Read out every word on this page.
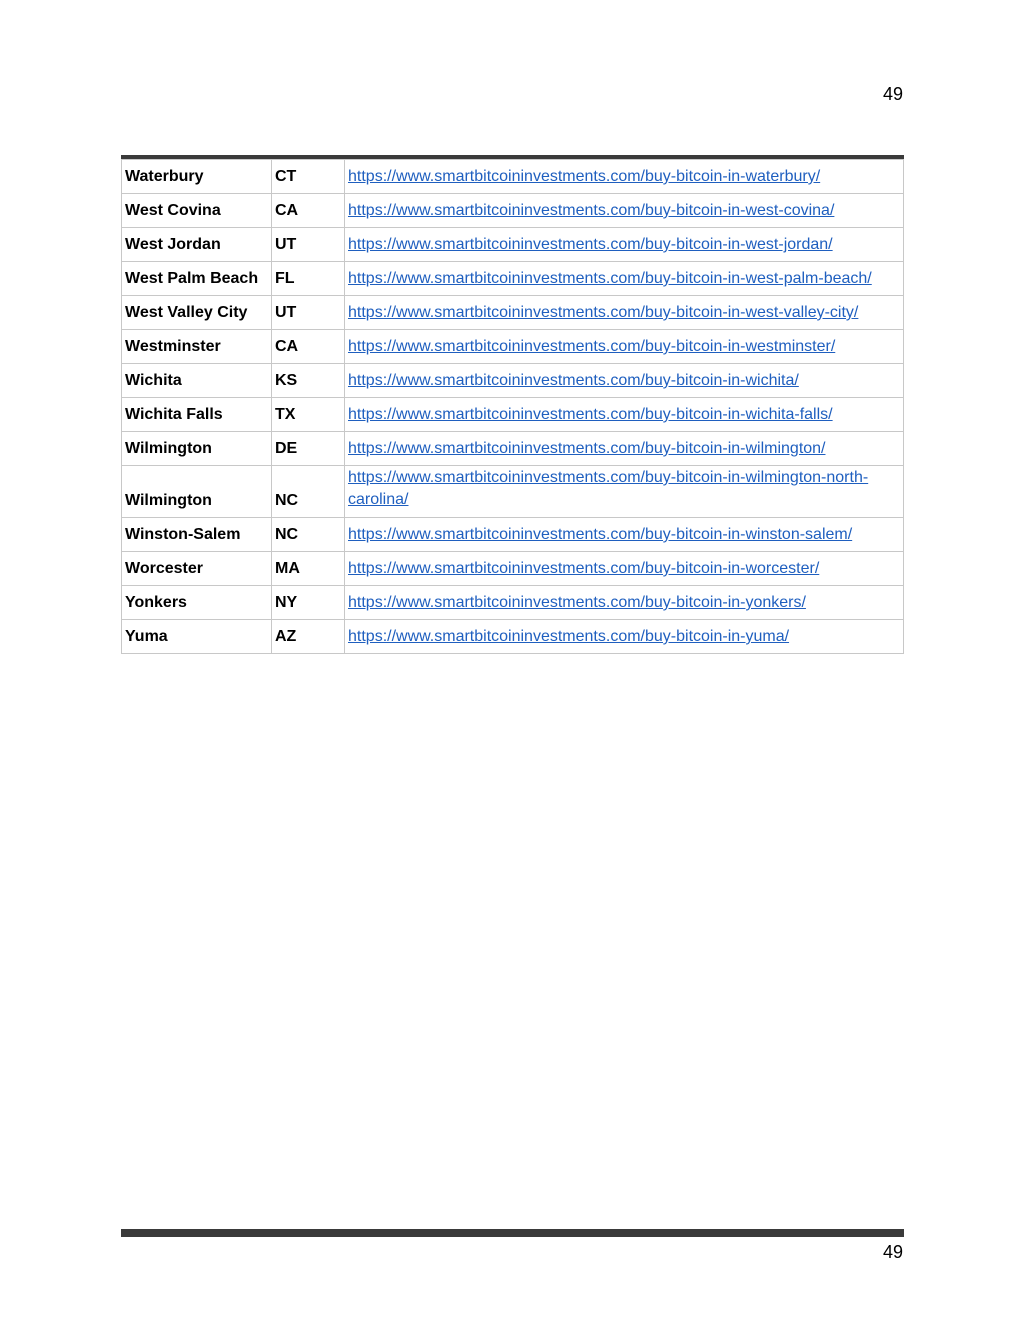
49
Waterbury	CT	https://www.smartbitcoininvestments.com/buy-bitcoin-in-waterbury/
West Covina	CA	https://www.smartbitcoininvestments.com/buy-bitcoin-in-west-covina/
West Jordan	UT	https://www.smartbitcoininvestments.com/buy-bitcoin-in-west-jordan/
West Palm Beach	FL	https://www.smartbitcoininvestments.com/buy-bitcoin-in-west-palm-beach/
West Valley City	UT	https://www.smartbitcoininvestments.com/buy-bitcoin-in-west-valley-city/
Westminster	CA	https://www.smartbitcoininvestments.com/buy-bitcoin-in-westminster/
Wichita	KS	https://www.smartbitcoininvestments.com/buy-bitcoin-in-wichita/
Wichita Falls	TX	https://www.smartbitcoininvestments.com/buy-bitcoin-in-wichita-falls/
Wilmington	DE	https://www.smartbitcoininvestments.com/buy-bitcoin-in-wilmington/
Wilmington	NC	https://www.smartbitcoininvestments.com/buy-bitcoin-in-wilmington-north-carolina/
Winston-Salem	NC	https://www.smartbitcoininvestments.com/buy-bitcoin-in-winston-salem/
Worcester	MA	https://www.smartbitcoininvestments.com/buy-bitcoin-in-worcester/
Yonkers	NY	https://www.smartbitcoininvestments.com/buy-bitcoin-in-yonkers/
Yuma	AZ	https://www.smartbitcoininvestments.com/buy-bitcoin-in-yuma/
49
